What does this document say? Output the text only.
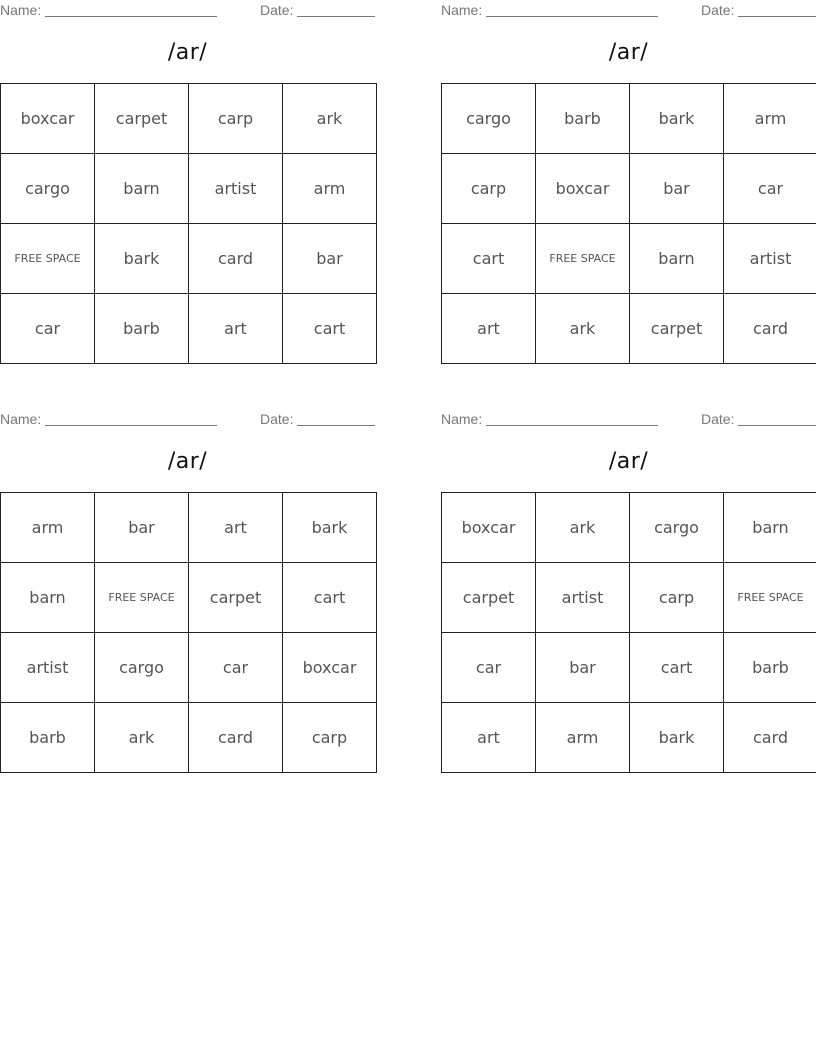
Name:	Date:
/ar/
boxcar	carpet	carp	ark
cargo	barn	artist	arm
FREE SPACE	bark	card	bar
car	barb	art	cart
Name:	Date:
/ar/
cargo	barb	bark	arm
carp	boxcar	bar	car
cart	FREE SPACE	barn	artist
art	ark	carpet	card
Name:	Date:
/ar/
arm	bar	art	bark
barn	FREE SPACE	carpet	cart
artist	cargo	car	boxcar
barb	ark	card	carp
Name:	Date:
/ar/
boxcar	ark	cargo	barn
carpet	artist	carp	FREE SPACE
car	bar	cart	barb
art	arm	bark	card
